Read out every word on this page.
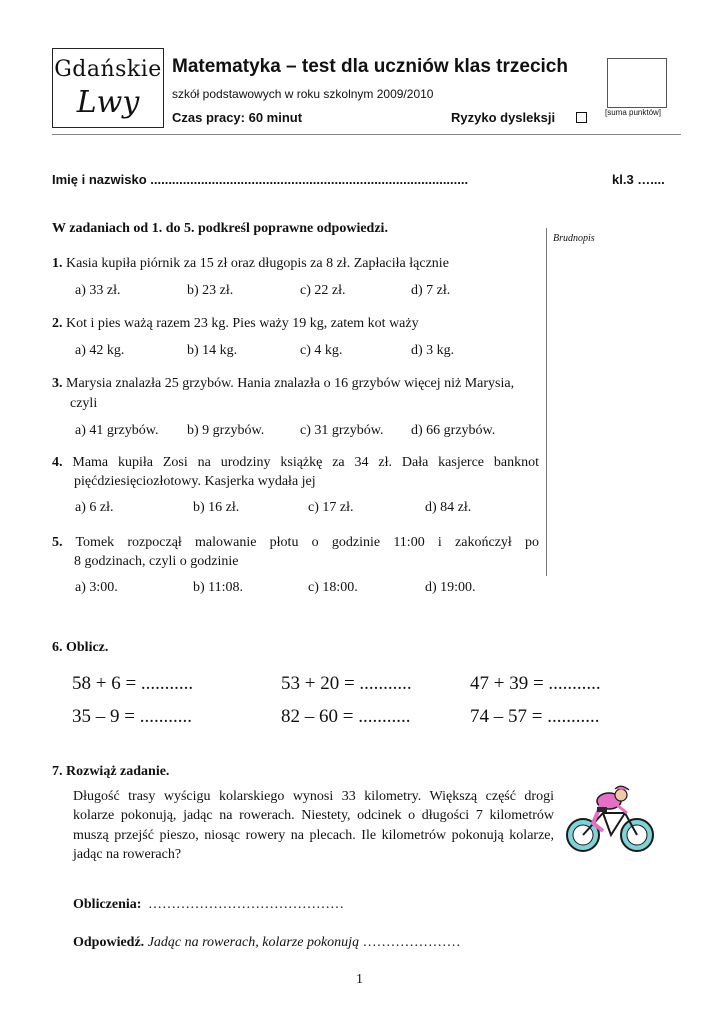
Gdańskie
Lwy
Matematyka – test dla uczniów klas trzecich
szkół podstawowych w roku szkolnym 2009/2010
Czas pracy: 60 minut	Ryzyko dysleksji	[suma punktów]
Imię i nazwisko ........................................................................................	kl.3 …....
Brudnopis
W zadaniach od 1. do 5. podkreśl poprawne odpowiedzi.
1. Kasia kupiła piórnik za 15 zł oraz długopis za 8 zł. Zapłaciła łącznie
a) 33 zł.	b) 23 zł.	c) 22 zł.	d) 7 zł.
2. Kot i pies ważą razem 23 kg. Pies waży 19 kg, zatem kot waży
a) 42 kg.	b) 14 kg.	c) 4 kg.	d) 3 kg.
3. Marysia znalazła 25 grzybów. Hania znalazła o 16 grzybów więcej niż Marysia,
czyli
a) 41 grzybów. b) 9 grzybów.	c) 31 grzybów. d) 66 grzybów.
4. Mama kupiła Zosi na urodziny książkę za 34 zł. Dała kasjerce banknot
pięćdziesięciozłotowy. Kasjerka wydała jej
a) 6 zł.	b) 16 zł.	c) 17 zł.	d) 84 zł.
5. Tomek rozpoczął malowanie płotu o godzinie 11:00 i zakończył po
8 godzinach, czyli o godzinie
a) 3:00.	b) 11:08.	c) 18:00.	d) 19:00.
6. Oblicz.
58 + 6 = ...........	53 + 20 = ...........	47 + 39 = ...........
35 – 9 = ...........	82 – 60 = ...........	74 – 57 = ...........
7. Rozwiąż zadanie.
Długość trasy wyścigu kolarskiego wynosi 33 kilometry. Większą część drogi
kolarze pokonują, jadąc na rowerach. Niestety, odcinek o długości 7 kilometrów
muszą przejść pieszo, niosąc rowery na plecach. Ile kilometrów pokonują kolarze,
jadąc na rowerach?
Obliczenia: ……………………………………
Odpowiedź. Jadąc na rowerach, kolarze pokonują …………………
1
